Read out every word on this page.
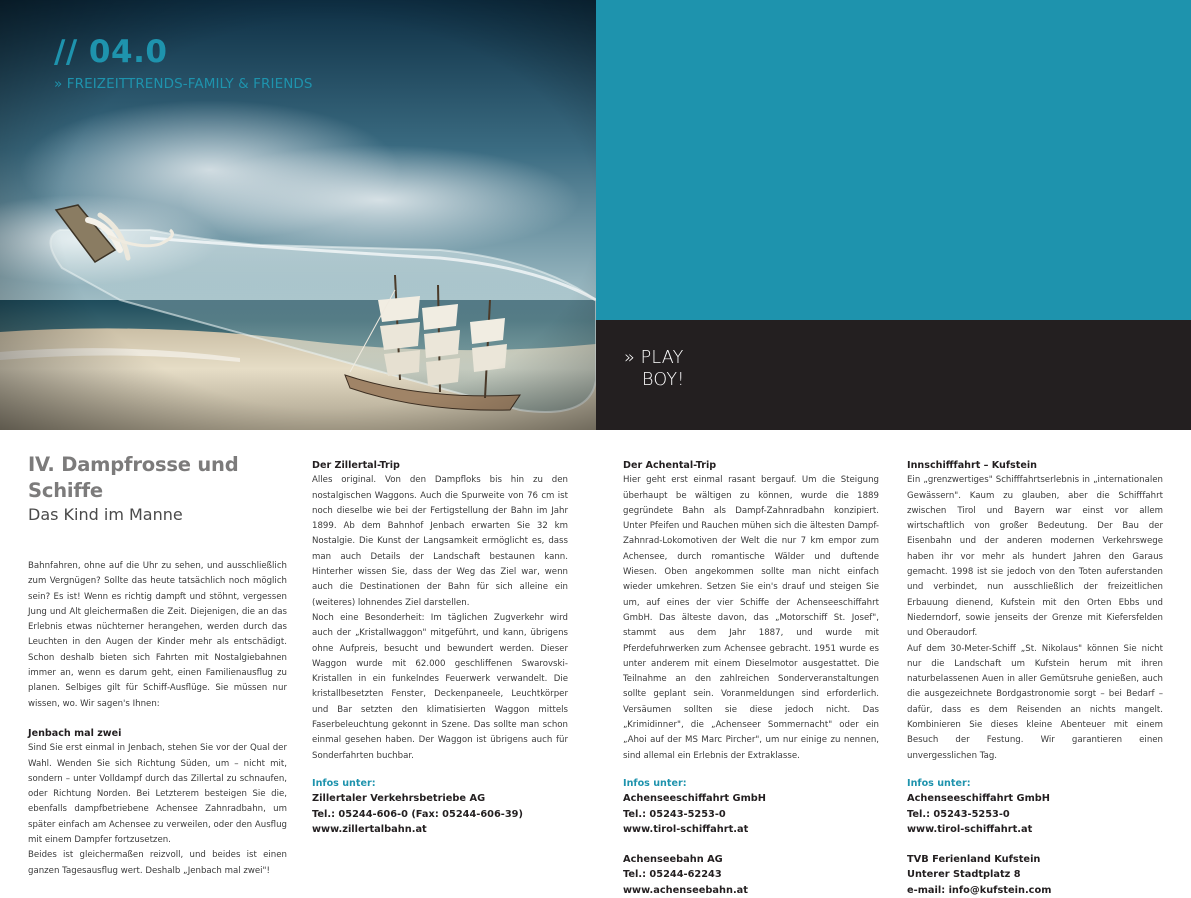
// 04.0
» FREIZEITTRENDS-FAMILY & FRIENDS
» PLAY
BOY!
IV. Dampfrosse und Schiffe
Das Kind im Manne

Bahnfahren, ohne auf die Uhr zu sehen, und ausschließlich zum Vergnügen? Sollte das heute tatsächlich noch möglich sein? Es ist! Wenn es richtig dampft und stöhnt, vergessen Jung und Alt gleichermaßen die Zeit. Diejenigen, die an das Erlebnis etwas nüchterner herangehen, werden durch das Leuchten in den Augen der Kinder mehr als entschädigt. Schon deshalb bieten sich Fahrten mit Nostalgiebahnen immer an, wenn es darum geht, einen Familienausflug zu planen. Selbiges gilt für Schiff-Ausflüge. Sie müssen nur wissen, wo. Wir sagen's Ihnen:

Jenbach mal zwei

Sind Sie erst einmal in Jenbach, stehen Sie vor der Qual der Wahl. Wenden Sie sich Richtung Süden, um – nicht mit, sondern – unter Volldampf durch das Zillertal zu schnaufen, oder Richtung Norden. Bei Letzterem besteigen Sie die, ebenfalls dampfbetriebene Achensee Zahnradbahn, um später einfach am Achensee zu verweilen, oder den Ausflug mit einem Dampfer fortzusetzen.

Beides ist gleichermaßen reizvoll, und beides ist einen ganzen Tagesausflug wert. Deshalb „Jenbach mal zwei"!

Der Zillertal-Trip

Alles original. Von den Dampfloks bis hin zu den nostalgischen Waggons. Auch die Spurweite von 76 cm ist noch dieselbe wie bei der Fertigstellung der Bahn im Jahr 1899. Ab dem Bahnhof Jenbach erwarten Sie 32 km Nostalgie. Die Kunst der Langsamkeit ermöglicht es, dass man auch Details der Landschaft bestaunen kann. Hinterher wissen Sie, dass der Weg das Ziel war, wenn auch die Destinationen der Bahn für sich alleine ein (weiteres) lohnendes Ziel darstellen.

Noch eine Besonderheit: Im täglichen Zugverkehr wird auch der „Kristallwaggon" mitgeführt, und kann, übrigens ohne Aufpreis, besucht und bewundert werden. Dieser Waggon wurde mit 62.000 geschliffenen Swarovski-Kristallen in ein funkelndes Feuerwerk verwandelt. Die kristallbesetzten Fenster, Deckenpaneele, Leuchtkörper und Bar setzten den klimatisierten Waggon mittels Faserbeleuchtung gekonnt in Szene. Das sollte man schon einmal gesehen haben. Der Waggon ist übrigens auch für Sonderfahrten buchbar.

Infos unter:
Zillertaler Verkehrsbetriebe AG
Tel.: 05244-606-0 (Fax: 05244-606-39)
www.zillertalbahn.at
Der Achental-Trip

Hier geht erst einmal rasant bergauf. Um die Steigung überhaupt be wältigen zu können, wurde die 1889 gegründete Bahn als Dampf-Zahnradbahn konzipiert. Unter Pfeifen und Rauchen mühen sich die ältesten Dampf-Zahnrad-Lokomotiven der Welt die nur 7 km empor zum Achensee, durch romantische Wälder und duftende Wiesen. Oben angekommen sollte man nicht einfach wieder umkehren. Setzen Sie ein's drauf und steigen Sie um, auf eines der vier Schiffe der Achenseeschiffahrt GmbH. Das älteste davon, das „Motorschiff St. Josef", stammt aus dem Jahr 1887, und wurde mit Pferdefuhrwerken zum Achensee gebracht. 1951 wurde es unter anderem mit einem Dieselmotor ausgestattet. Die Teilnahme an den zahlreichen Sonderveranstaltungen sollte geplant sein. Voranmeldungen sind erforderlich. Versäumen sollten sie diese jedoch nicht. Das „Krimidinner", die „Achenseer Sommernacht" oder ein „Ahoi auf der MS Marc Pircher", um nur einige zu nennen, sind allemal ein Erlebnis der Extraklasse.

Infos unter:
Achenseeschiffahrt GmbH
Tel.: 05243-5253-0
www.tirol-schiffahrt.at
Achenseebahn AG
Tel.: 05244-62243
www.achenseebahn.at
Innschifffahrt – Kufstein

Ein „grenzwertiges" Schifffahrtserlebnis in „internationalen Gewässern". Kaum zu glauben, aber die Schifffahrt zwischen Tirol und Bayern war einst vor allem wirtschaftlich von großer Bedeutung. Der Bau der Eisenbahn und der anderen modernen Verkehrswege haben ihr vor mehr als hundert Jahren den Garaus gemacht. 1998 ist sie jedoch von den Toten auferstanden und verbindet, nun ausschließlich der freizeitlichen Erbauung dienend, Kufstein mit den Orten Ebbs und Niederndorf, sowie jenseits der Grenze mit Kiefersfelden und Oberaudorf.

Auf dem 30-Meter-Schiff „St. Nikolaus" können Sie nicht nur die Landschaft um Kufstein herum mit ihren naturbelassenen Auen in aller Gemütsruhe genießen, auch die ausgezeichnete Bordgastronomie sorgt – bei Bedarf – dafür, dass es dem Reisenden an nichts mangelt. Kombinieren Sie dieses kleine Abenteuer mit einem Besuch der Festung. Wir garantieren einen unvergesslichen Tag.

Infos unter:
Achenseeschiffahrt GmbH
Tel.: 05243-5253-0
www.tirol-schiffahrt.at
TVB Ferienland Kufstein
Unterer Stadtplatz 8
e-mail: info@kufstein.com
